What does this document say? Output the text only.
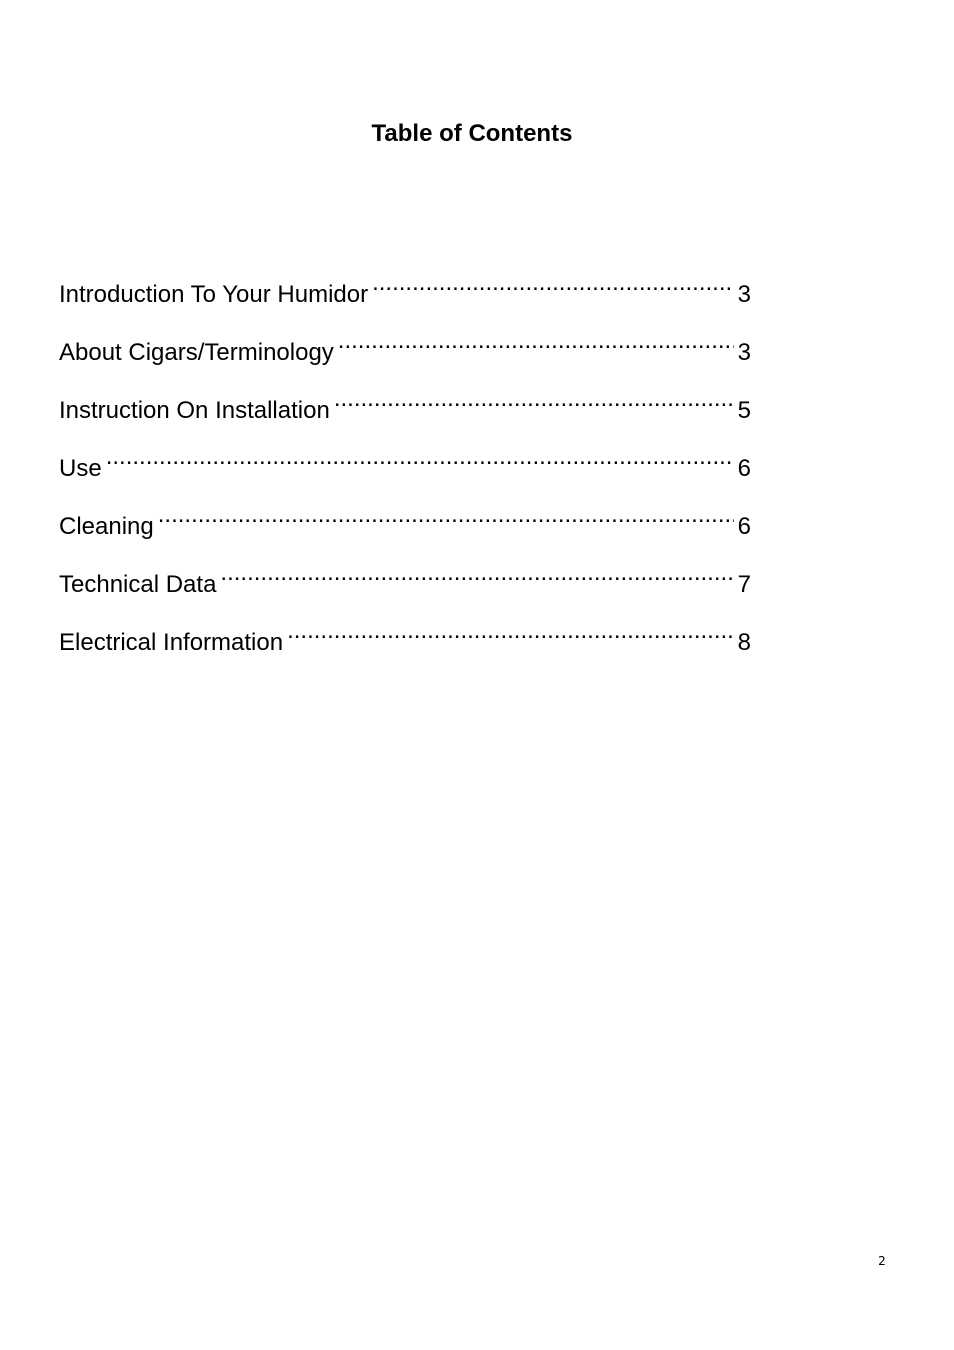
Table of Contents
Introduction To Your Humidor .....	3
About Cigars/Terminology .....	3
Instruction On Installation .....	5
Use .....	6
Cleaning .....	6
Technical Data .....	7
Electrical Information .....	8
2
